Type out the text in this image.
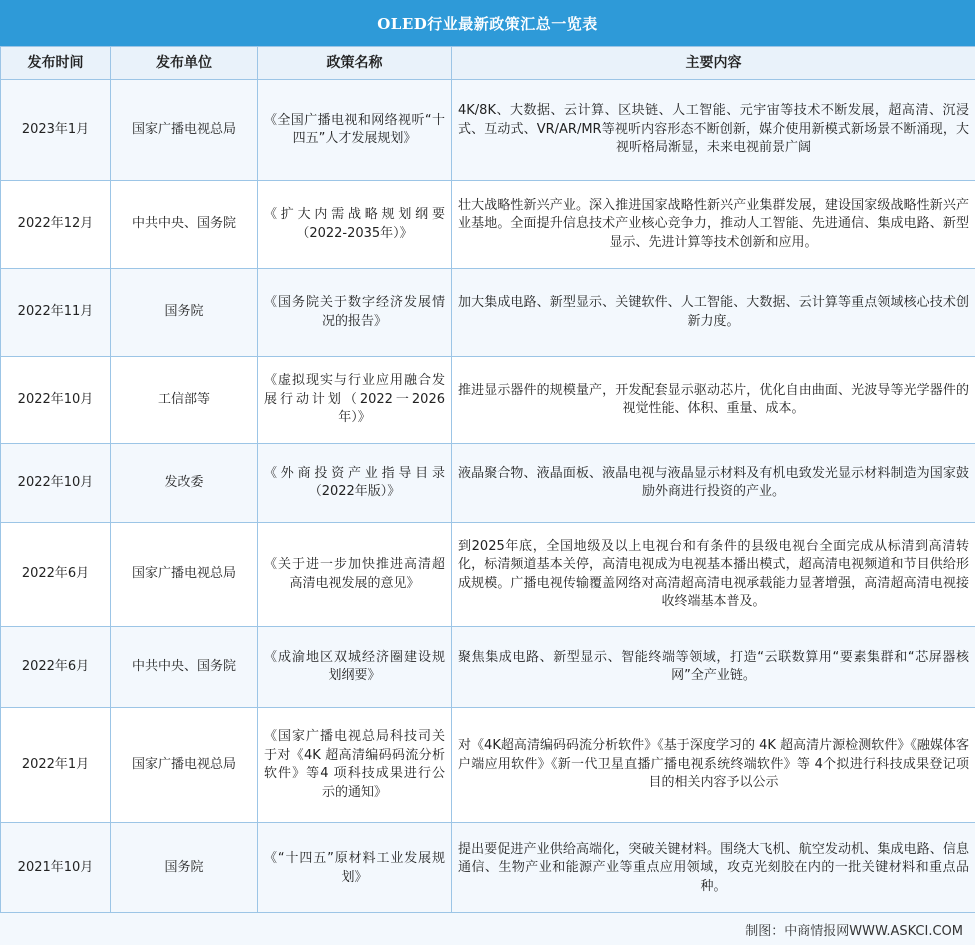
OLED行业最新政策汇总一览表
发布时间	发布单位	政策名称	主要内容
2023年1月	国家广播电视总局	《全国广播电视和网络视听“十四五”人才发展规划》	4K/8K、大数据、云计算、区块链、人工智能、元宇宙等技术不断发展，超高清、沉浸式、互动式、VR/AR/MR等视听内容形态不断创新，媒介使用新模式新场景不断涌现，大视听格局渐显，未来电视前景广阔
2022年12月	中共中央、国务院	《扩大内需战略规划纲要（2022-2035年）》	壮大战略性新兴产业。深入推进国家战略性新兴产业集群发展，建设国家级战略性新兴产业基地。全面提升信息技术产业核心竞争力，推动人工智能、先进通信、集成电路、新型显示、先进计算等技术创新和应用。
2022年11月	国务院	《国务院关于数字经济发展情况的报告》	加大集成电路、新型显示、关键软件、人工智能、大数据、云计算等重点领域核心技术创新力度。
2022年10月	工信部等	《虚拟现实与行业应用融合发展行动计划（2022一2026年）》	推进显示器件的规模量产，开发配套显示驱动芯片，优化自由曲面、光波导等光学器件的视觉性能、体积、重量、成本。
2022年10月	发改委	《外商投资产业指导目录（2022年版）》	液晶聚合物、液晶面板、液晶电视与液晶显示材料及有机电致发光显示材料制造为国家鼓励外商进行投资的产业。
2022年6月	国家广播电视总局	《关于进一步加快推进高清超高清电视发展的意见》	到2025年底，全国地级及以上电视台和有条件的县级电视台全面完成从标清到高清转化，标清频道基本关停，高清电视成为电视基本播出模式，超高清电视频道和节目供给形成规模。广播电视传输覆盖网络对高清超高清电视承载能力显著增强，高清超高清电视接收终端基本普及。
2022年6月	中共中央、国务院	《成渝地区双城经济圈建设规划纲要》	聚焦集成电路、新型显示、智能终端等领域，打造“云联数算用“要素集群和“芯屏器核网”全产业链。
2022年1月	国家广播电视总局	《国家广播电视总局科技司关于对《4K 超高清编码码流分析软件》等4 项科技成果进行公示的通知》	对《4K超高清编码码流分析软件》《基于深度学习的 4K 超高清片源检测软件》《融媒体客户端应用软件》《新一代卫星直播广播电视系统终端软件》等 4个拟进行科技成果登记项目的相关内容予以公示
2021年10月	国务院	《“十四五”原材料工业发展规划》	提出要促进产业供给高端化，突破关键材料。围绕大飞机、航空发动机、集成电路、信息通信、生物产业和能源产业等重点应用领域，攻克光刻胶在内的一批关键材料和重点品种。
制图：中商情报网WWW.ASKCI.COM
